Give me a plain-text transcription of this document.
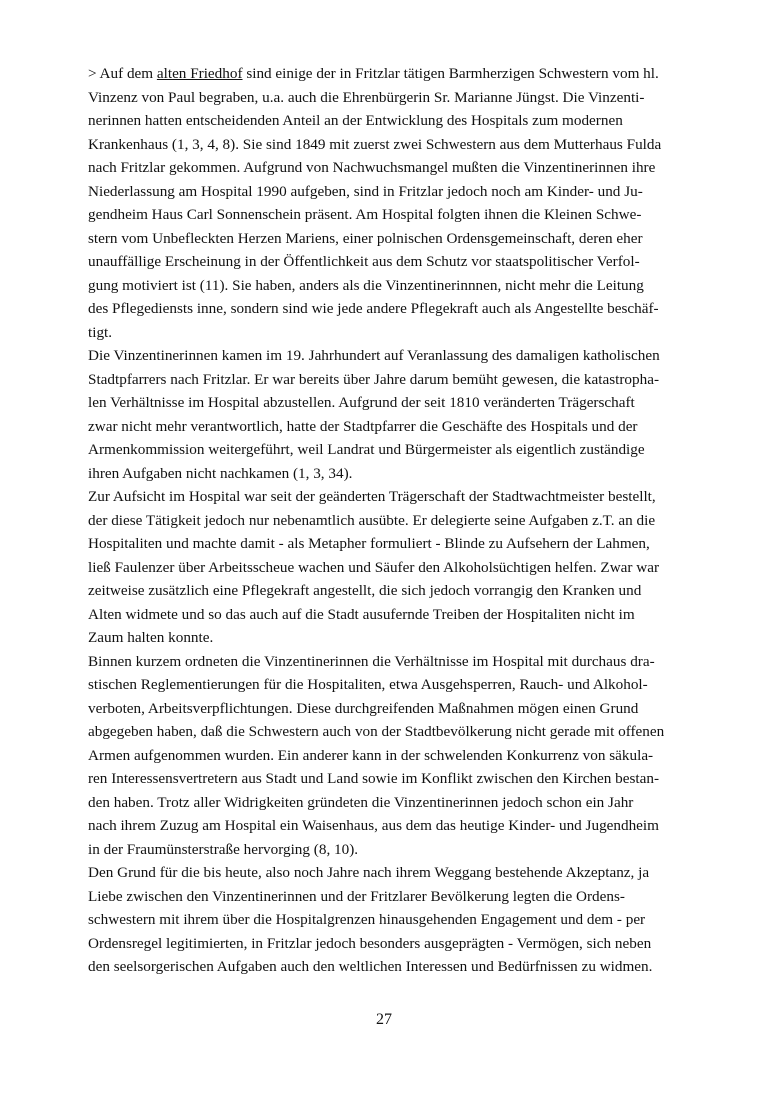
> Auf dem alten Friedhof sind einige der in Fritzlar tätigen Barmherzigen Schwestern vom hl.
Vinzenz von Paul begraben, u.a. auch die Ehrenbürgerin Sr. Marianne Jüngst. Die Vinzenti-
nerinnen hatten entscheidenden Anteil an der Entwicklung des Hospitals zum modernen
Krankenhaus (1, 3, 4, 8). Sie sind 1849 mit zuerst zwei Schwestern aus dem Mutterhaus Fulda
nach Fritzlar gekommen. Aufgrund von Nachwuchsmangel mußten die Vinzentinerinnen ihre
Niederlassung am Hospital 1990 aufgeben, sind in Fritzlar jedoch noch am Kinder- und Ju-
gendheim Haus Carl Sonnenschein präsent. Am Hospital folgten ihnen die Kleinen Schwe-
stern vom Unbefleckten Herzen Mariens, einer polnischen Ordensgemeinschaft, deren eher
unauffällige Erscheinung in der Öffentlichkeit aus dem Schutz vor staatspolitischer Verfol-
gung motiviert ist (11). Sie haben, anders als die Vinzentinerinnnen, nicht mehr die Leitung
des Pflegediensts inne, sondern sind wie jede andere Pflegekraft auch als Angestellte beschäf-
tigt.
Die Vinzentinerinnen kamen im 19. Jahrhundert auf Veranlassung des damaligen katholischen
Stadtpfarrers nach Fritzlar. Er war bereits über Jahre darum bemüht gewesen, die katastropha-
len Verhältnisse im Hospital abzustellen. Aufgrund der seit 1810 veränderten Trägerschaft
zwar nicht mehr verantwortlich, hatte der Stadtpfarrer die Geschäfte des Hospitals und der
Armenkommission weitergeführt, weil Landrat und Bürgermeister als eigentlich zuständige
ihren Aufgaben nicht nachkamen (1, 3, 34).
Zur Aufsicht im Hospital war seit der geänderten Trägerschaft der Stadtwachtmeister bestellt,
der diese Tätigkeit jedoch nur nebenamtlich ausübte. Er delegierte seine Aufgaben z.T. an die
Hospitaliten und machte damit - als Metapher formuliert - Blinde zu Aufsehern der Lahmen,
ließ Faulenzer über Arbeitsscheue wachen und Säufer den Alkoholsüchtigen helfen. Zwar war
zeitweise zusätzlich eine Pflegekraft angestellt, die sich jedoch vorrangig den Kranken und
Alten widmete und so das auch auf die Stadt ausufernde Treiben der Hospitaliten nicht im
Zaum halten konnte.
Binnen kurzem ordneten die Vinzentinerinnen die Verhältnisse im Hospital mit durchaus dra-
stischen Reglementierungen für die Hospitaliten, etwa Ausgehsperren, Rauch- und Alkohol-
verboten, Arbeitsverpflichtungen. Diese durchgreifenden Maßnahmen mögen einen Grund
abgegeben haben, daß die Schwestern auch von der Stadtbevölkerung nicht gerade mit offenen
Armen aufgenommen wurden. Ein anderer kann in der schwelenden Konkurrenz von säkula-
ren Interessensvertretern aus Stadt und Land sowie im Konflikt zwischen den Kirchen bestan-
den haben. Trotz aller Widrigkeiten gründeten die Vinzentinerinnen jedoch schon ein Jahr
nach ihrem Zuzug am Hospital ein Waisenhaus, aus dem das heutige Kinder- und Jugendheim
in der Fraumünsterstraße hervorging (8, 10).
Den Grund für die bis heute, also noch Jahre nach ihrem Weggang bestehende Akzeptanz, ja
Liebe zwischen den Vinzentinerinnen und der Fritzlarer Bevölkerung legten die Ordens-
schwestern mit ihrem über die Hospitalgrenzen hinausgehenden Engagement und dem - per
Ordensregel legitimierten, in Fritzlar jedoch besonders ausgeprägten - Vermögen, sich neben
den seelsorgerischen Aufgaben auch den weltlichen Interessen und Bedürfnissen zu widmen.
27
